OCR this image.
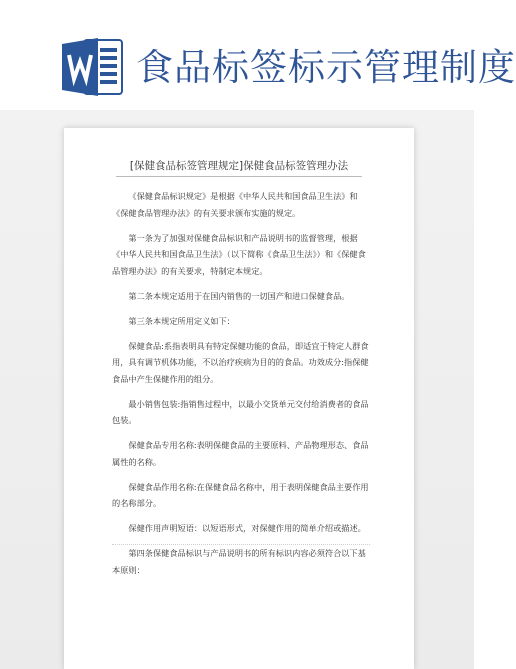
食品标签标示管理制度
[保健食品标签管理规定]保健食品标签管理办法

《保健食品标识规定》是根据《中华人民共和国食品卫生法》和《保健食品管理办法》的有关要求颁布实施的规定。

第一条为了加强对保健食品标识和产品说明书的监督管理，根据《中华人民共和国食品卫生法》（以下简称《食品卫生法》）和《保健食品管理办法》的有关要求，特制定本规定。

第二条本规定适用于在国内销售的一切国产和进口保健食品。

第三条本规定所用定义如下：

保健食品:系指表明具有特定保健功能的食品，即适宜于特定人群食用，具有调节机体功能，不以治疗疾病为目的的食品。功效成分:指保健食品中产生保健作用的组分。

最小销售包装:指销售过程中，以最小交货单元交付给消费者的食品包装。

保健食品专用名称:表明保健食品的主要原料、产品物理形态、食品属性的名称。

保健食品作用名称:在保健食品名称中，用于表明保健食品主要作用的名称部分。

保健作用声明短语：以短语形式，对保健作用的简单介绍或描述。

第四条保健食品标识与产品说明书的所有标识内容必须符合以下基本原则：
